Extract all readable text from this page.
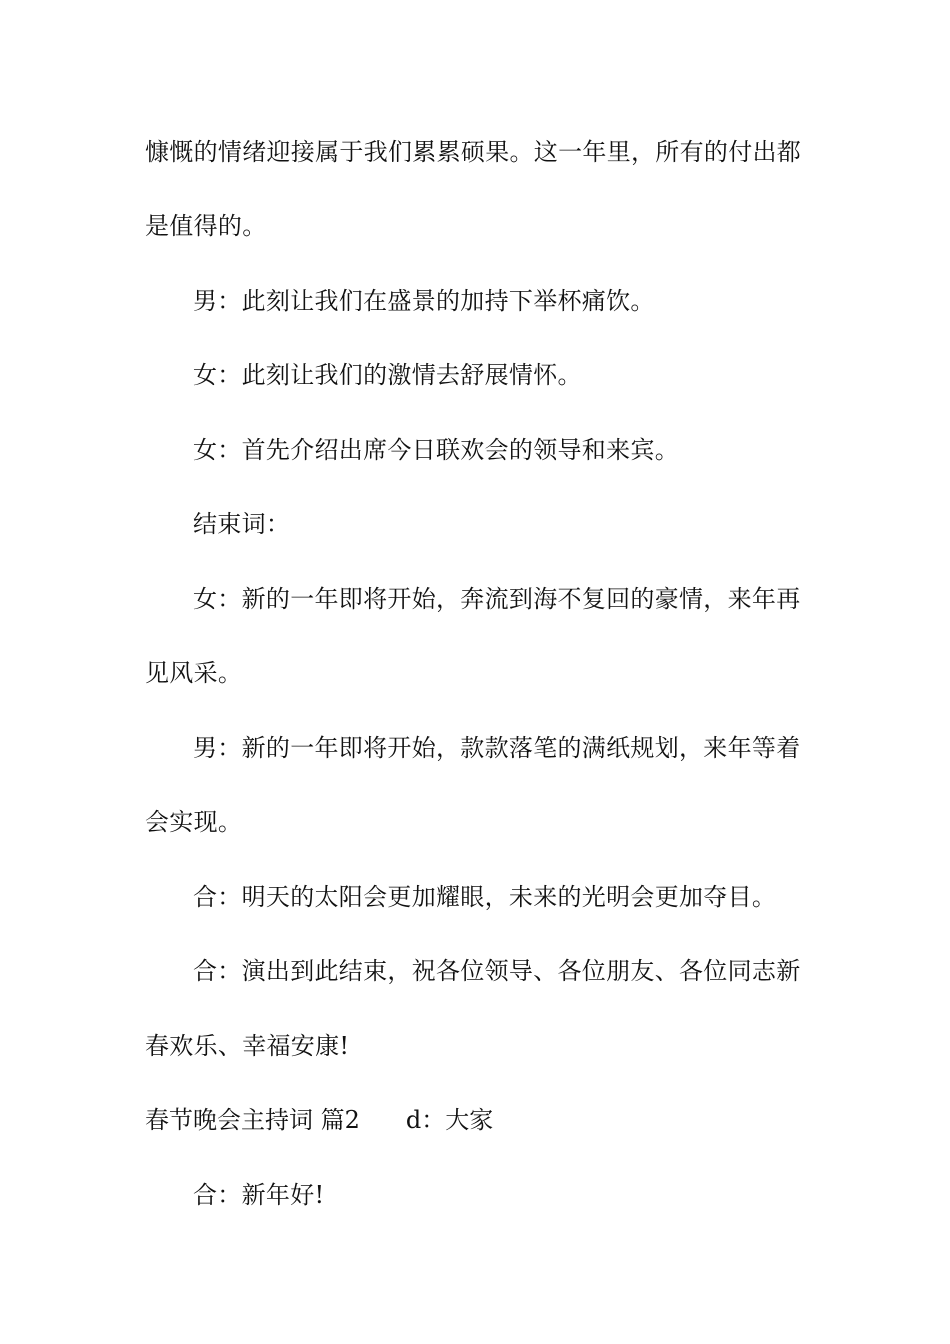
慷慨的情绪迎接属于我们累累硕果。这一年里，所有的付出都
是值得的。
男：此刻让我们在盛景的加持下举杯痛饮。
女：此刻让我们的激情去舒展情怀。
女：首先介绍出席今日联欢会的领导和来宾。
结束词：
女：新的一年即将开始，奔流到海不复回的豪情，来年再
见风采。
男：新的一年即将开始，款款落笔的满纸规划，来年等着
会实现。
合：明天的太阳会更加耀眼，未来的光明会更加夺目。
合：演出到此结束，祝各位领导、各位朋友、各位同志新
春欢乐、幸福安康!
春节晚会主持词 篇2 d：大家
合：新年好!
